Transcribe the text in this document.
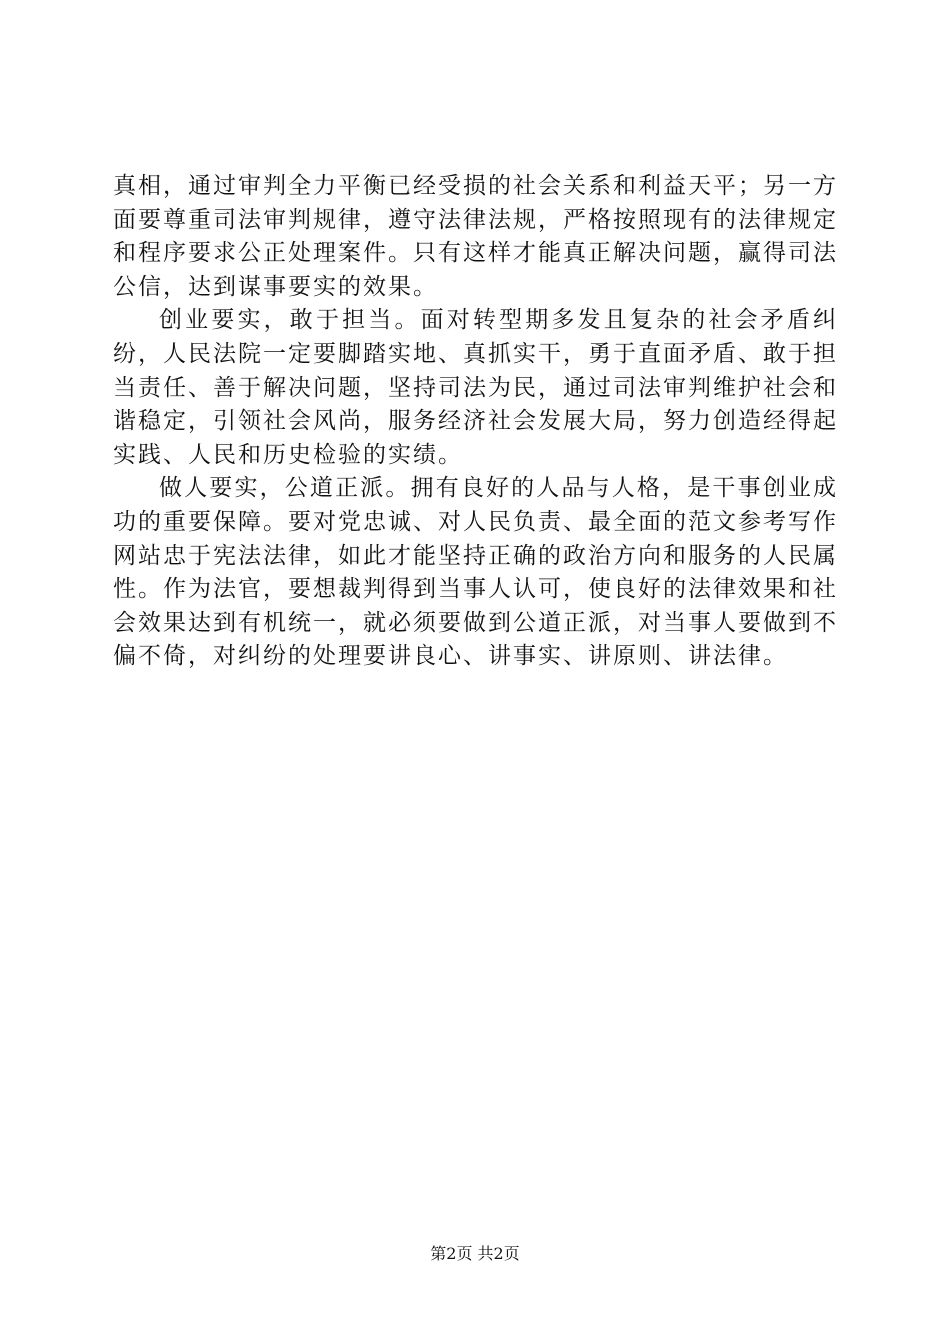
真相，通过审判全力平衡已经受损的社会关系和利益天平；另一方面要尊重司法审判规律，遵守法律法规，严格按照现有的法律规定和程序要求公正处理案件。只有这样才能真正解决问题，赢得司法公信，达到谋事要实的效果。

创业要实，敢于担当。面对转型期多发且复杂的社会矛盾纠纷，人民法院一定要脚踏实地、真抓实干，勇于直面矛盾、敢于担当责任、善于解决问题，坚持司法为民，通过司法审判维护社会和谐稳定，引领社会风尚，服务经济社会发展大局，努力创造经得起实践、人民和历史检验的实绩。

做人要实，公道正派。拥有良好的人品与人格，是干事创业成功的重要保障。要对党忠诚、对人民负责、最全面的范文参考写作网站忠于宪法法律，如此才能坚持正确的政治方向和服务的人民属性。作为法官，要想裁判得到当事人认可，使良好的法律效果和社会效果达到有机统一，就必须要做到公道正派，对当事人要做到不偏不倚，对纠纷的处理要讲良心、讲事实、讲原则、讲法律。

第2页 共2页
